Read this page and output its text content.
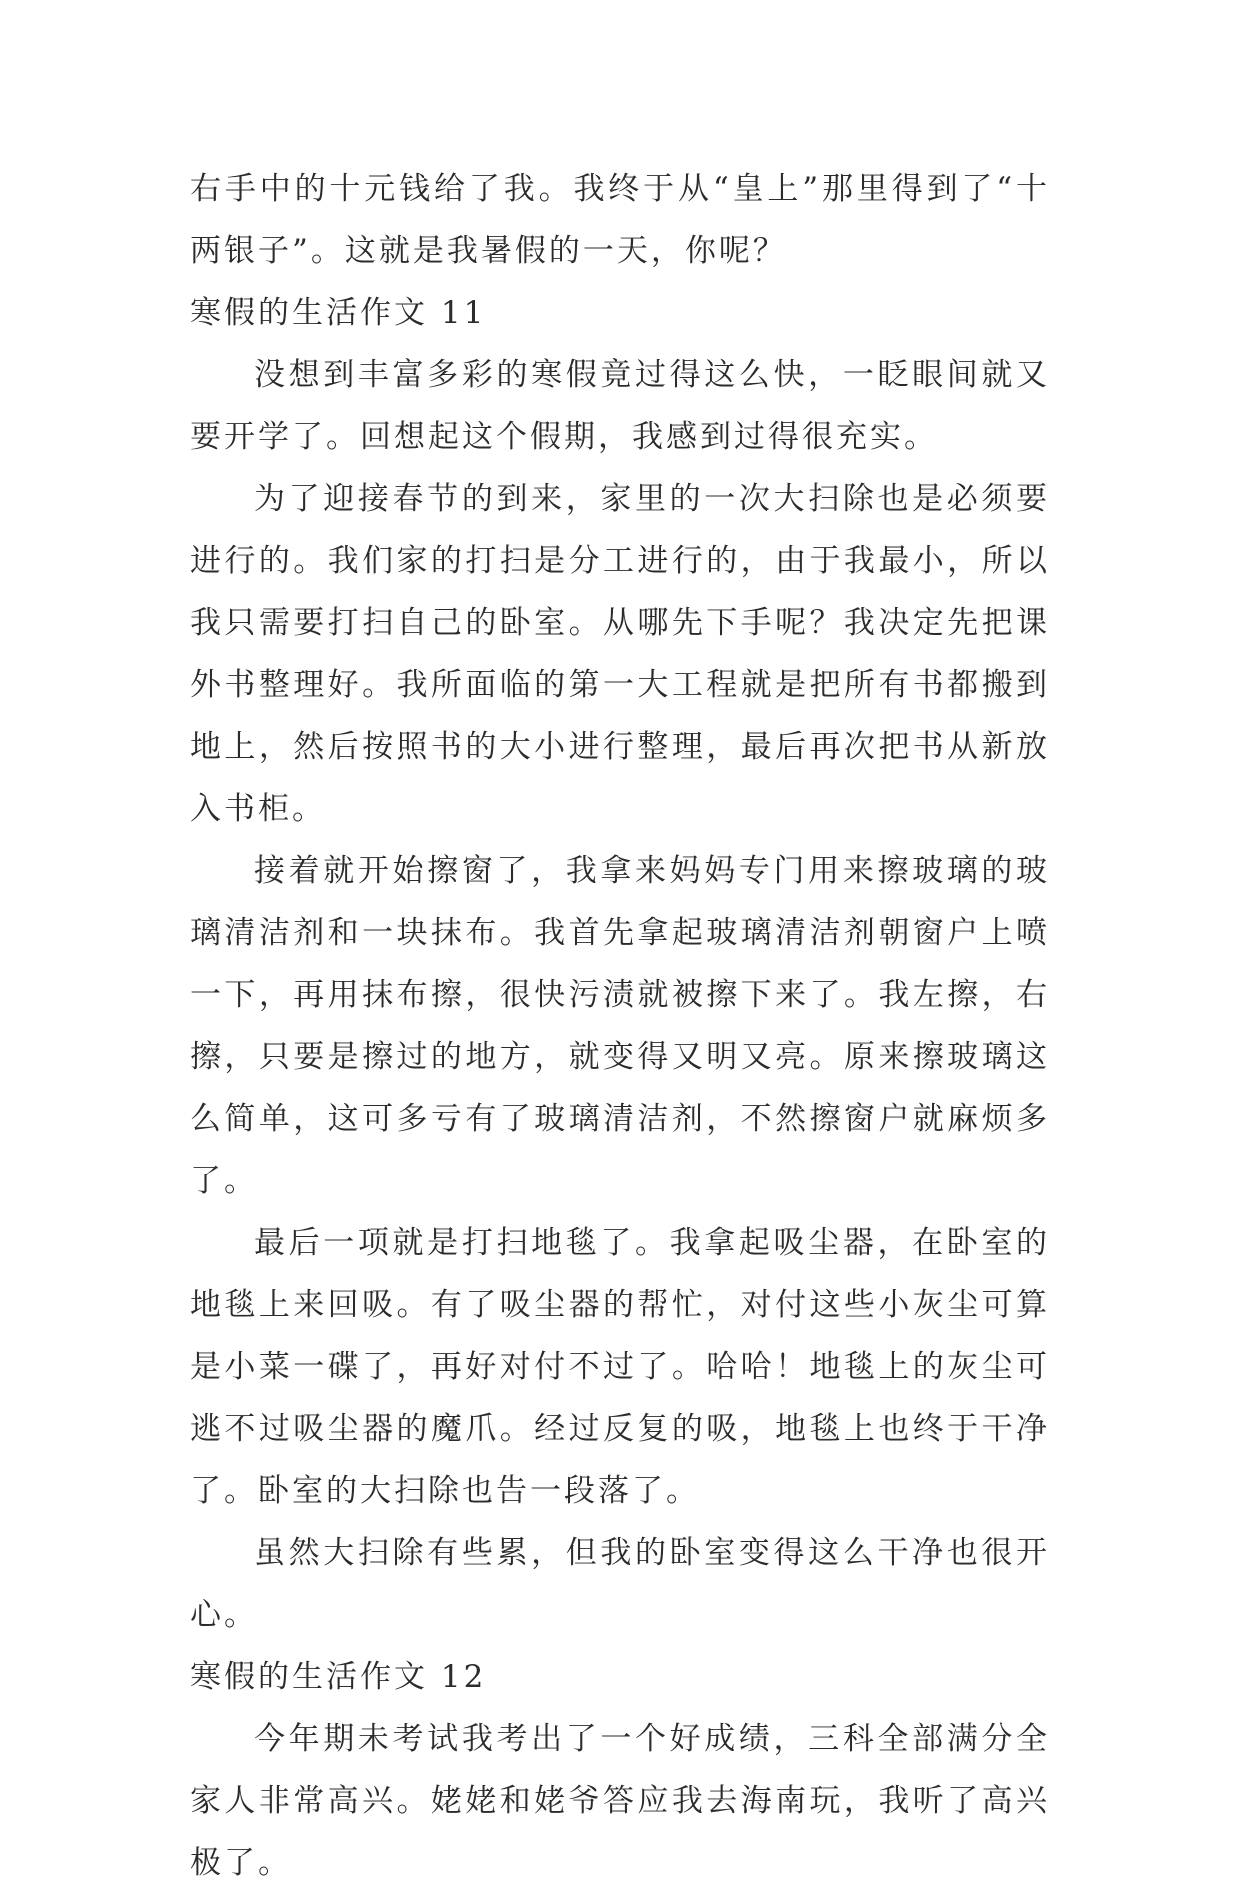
右手中的十元钱给了我。我终于从“皇上”那里得到了“十两银子”。这就是我暑假的一天，你呢？

寒假的生活作文 11

没想到丰富多彩的寒假竟过得这么快，一眨眼间就又要开学了。回想起这个假期，我感到过得很充实。

为了迎接春节的到来，家里的一次大扫除也是必须要进行的。我们家的打扫是分工进行的，由于我最小，所以我只需要打扫自己的卧室。从哪先下手呢？我决定先把课外书整理好。我所面临的第一大工程就是把所有书都搬到地上，然后按照书的大小进行整理，最后再次把书从新放入书柜。

接着就开始擦窗了，我拿来妈妈专门用来擦玻璃的玻璃清洁剂和一块抹布。我首先拿起玻璃清洁剂朝窗户上喷一下，再用抹布擦，很快污渍就被擦下来了。我左擦，右擦，只要是擦过的地方，就变得又明又亮。原来擦玻璃这么简单，这可多亏有了玻璃清洁剂，不然擦窗户就麻烦多了。

最后一项就是打扫地毯了。我拿起吸尘器，在卧室的地毯上来回吸。有了吸尘器的帮忙，对付这些小灰尘可算是小菜一碟了，再好对付不过了。哈哈！地毯上的灰尘可逃不过吸尘器的魔爪。经过反复的吸，地毯上也终于干净了。卧室的大扫除也告一段落了。

虽然大扫除有些累，但我的卧室变得这么干净也很开心。

寒假的生活作文 12

今年期未考试我考出了一个好成绩，三科全部满分全家人非常高兴。姥姥和姥爷答应我去海南玩，我听了高兴极了。
